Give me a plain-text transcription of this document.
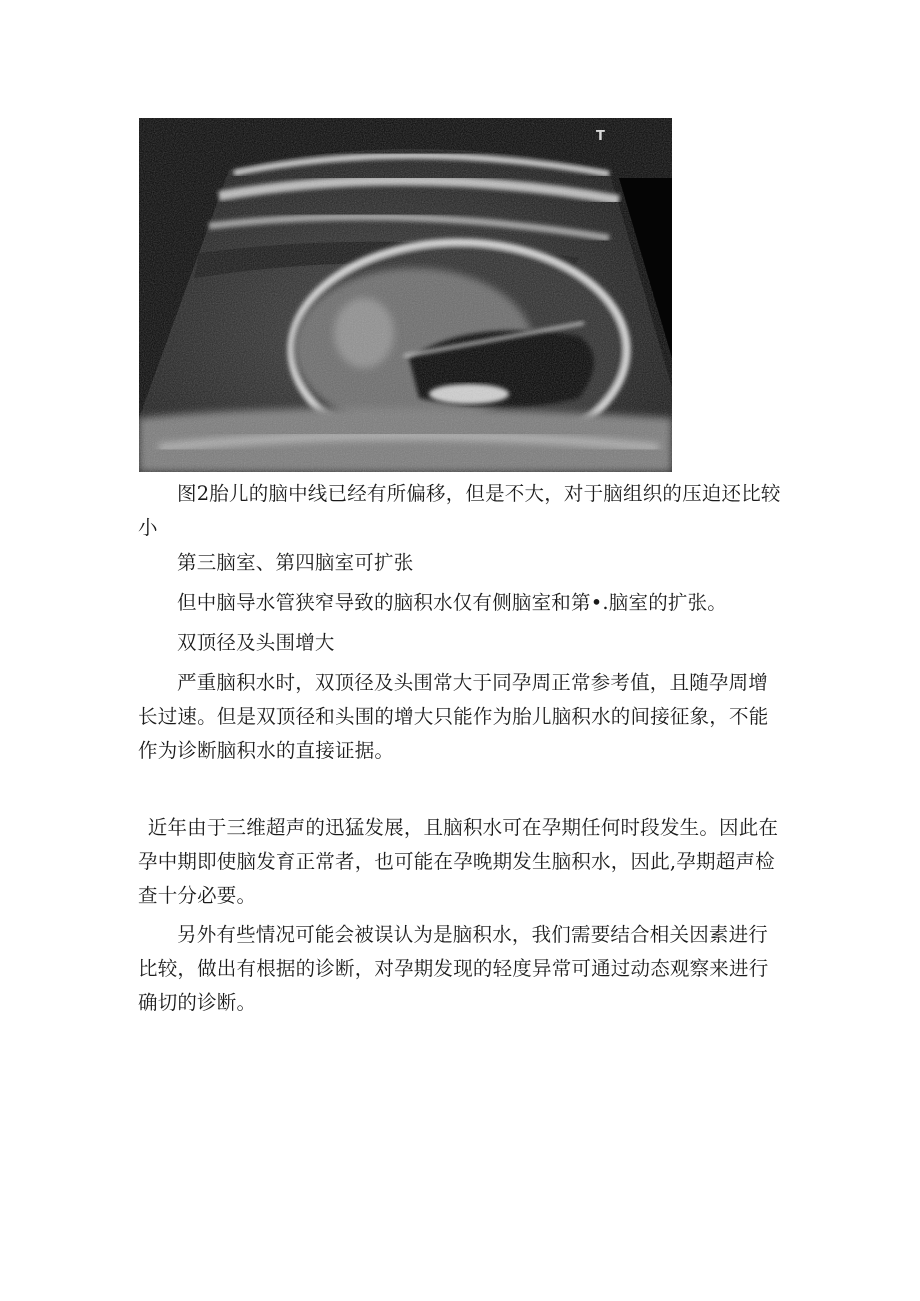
T

图2胎儿的脑中线已经有所偏移，但是不大，对于脑组织的压迫还比较小

第三脑室、第四脑室可扩张

但中脑导水管狭窄导致的脑积水仅有侧脑室和第•.脑室的扩张。

双顶径及头围增大

严重脑积水时，双顶径及头围常大于同孕周正常参考值，且随孕周增长过速。但是双顶径和头围的增大只能作为胎儿脑积水的间接征象，不能作为诊断脑积水的直接证据。

近年由于三维超声的迅猛发展，且脑积水可在孕期任何时段发生。因此在孕中期即使脑发育正常者，也可能在孕晚期发生脑积水，因此,孕期超声检查十分必要。

另外有些情况可能会被误认为是脑积水，我们需要结合相关因素进行比较，做出有根据的诊断，对孕期发现的轻度异常可通过动态观察来进行确切的诊断。
